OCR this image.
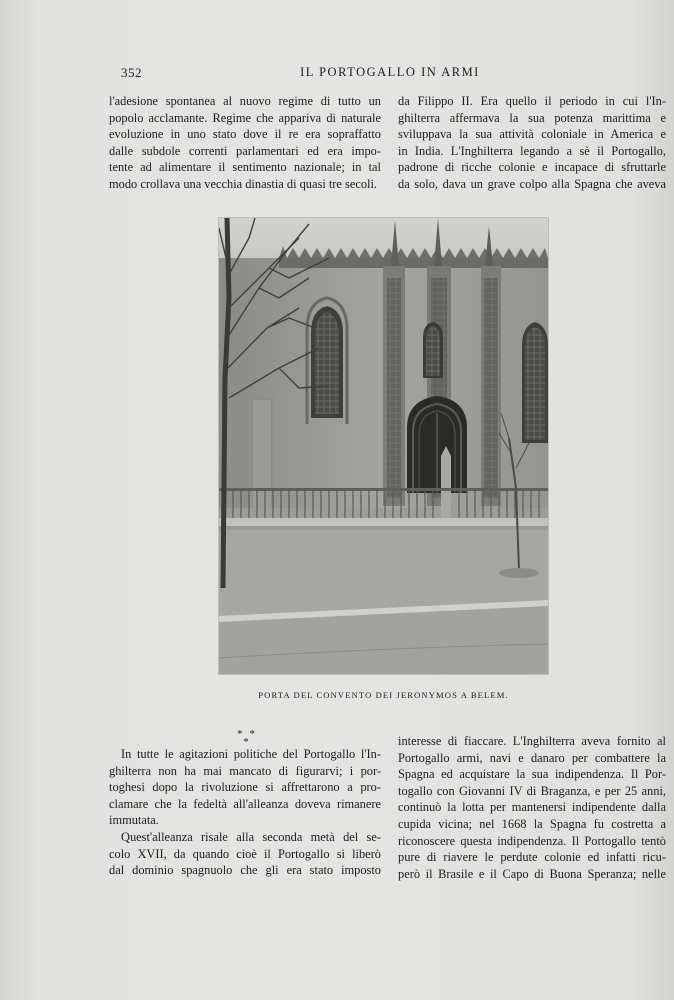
352	IL PORTOGALLO IN ARMI
l'adesione spontanea al nuovo regime di tutto un
popolo acclamante. Regime che appariva di naturale
evoluzione in uno stato dove il re era sopraffatto
dalle subdole correnti parlamentari ed era impo-
tente ad alimentare il sentimento nazionale; in tal
modo crollava una vecchia dinastia di quasi tre secoli.
da Filippo II. Era quello il periodo in cui l'In-
ghilterra affermava la sua potenza marittima e
sviluppava la sua attività coloniale in America e
in India. L'Inghilterra legando a sè il Portogallo,
padrone di ricche colonie e incapace di sfruttarle
da solo, dava un grave colpo alla Spagna che aveva
PORTA DEL CONVENTO DEI JERONYMOS A BELEM.
* * *
In tutte le agitazioni politiche del Portogallo l'In-
ghilterra non ha mai mancato di figurarvi; i por-
toghesi dopo la rivoluzione si affrettarono a pro-
clamare che la fedeltà all'alleanza doveva rimanere
immutata.
Quest'alleanza risale alla seconda metà del se-
colo XVII, da quando cioè il Portogallo si liberò
dal dominio spagnuolo che gli era stato imposto
interesse di fiaccare. L'Inghilterra aveva fornito al
Portogallo armi, navi e danaro per combattere la
Spagna ed acquistare la sua indipendenza. Il Por-
togallo con Giovanni IV di Braganza, e per 25 anni,
continuò la lotta per mantenersi indipendente dalla
cupida vicina; nel 1668 la Spagna fu costretta a
riconoscere questa indipendenza. Il Portogallo tentò
pure di riavere le perdute colonie ed infatti ricu-
però il Brasile e il Capo di Buona Speranza; nelle
